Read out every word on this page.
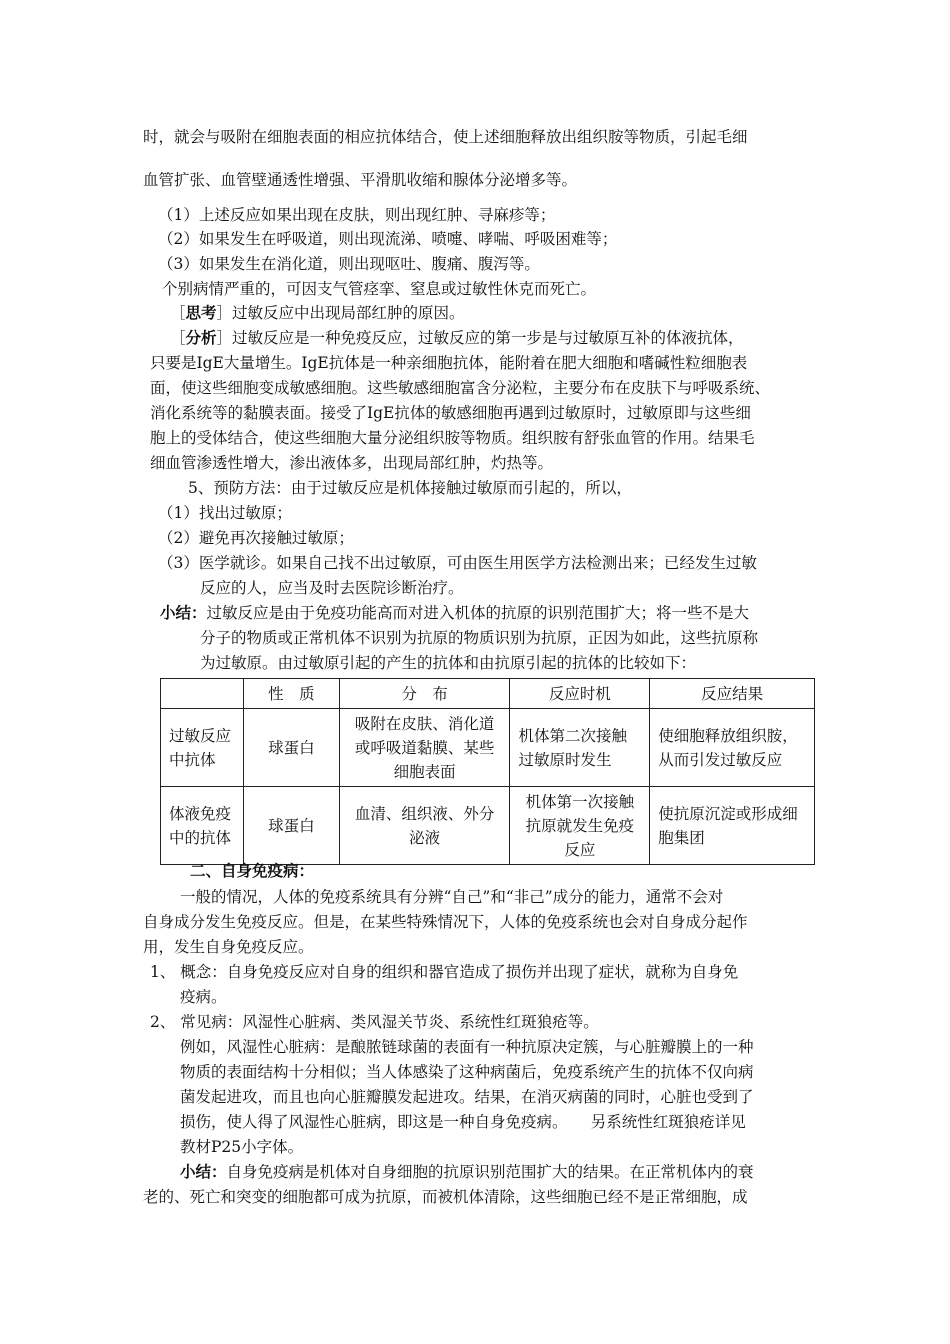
时，就会与吸附在细胞表面的相应抗体结合，使上述细胞释放出组织胺等物质，引起毛细
血管扩张、血管壁通透性增强、平滑肌收缩和腺体分泌增多等。
（1）上述反应如果出现在皮肤，则出现红肿、寻麻疹等；
（2）如果发生在呼吸道，则出现流涕、喷嚏、哮喘、呼吸困难等；
（3）如果发生在消化道，则出现呕吐、腹痛、腹泻等。
个别病情严重的，可因支气管痉挛、窒息或过敏性休克而死亡。
［思考］过敏反应中出现局部红肿的原因。
［分析］过敏反应是一种免疫反应，过敏反应的第一步是与过敏原互补的体液抗体，
只要是IgE大量增生。IgE抗体是一种亲细胞抗体，能附着在肥大细胞和嗜碱性粒细胞表
面，使这些细胞变成敏感细胞。这些敏感细胞富含分泌粒，主要分布在皮肤下与呼吸系统、
消化系统等的黏膜表面。接受了IgE抗体的敏感细胞再遇到过敏原时，过敏原即与这些细
胞上的受体结合，使这些细胞大量分泌组织胺等物质。组织胺有舒张血管的作用。结果毛
细血管渗透性增大，渗出液体多，出现局部红肿，灼热等。
5、预防方法：由于过敏反应是机体接触过敏原而引起的，所以，
（1）找出过敏原；
（2）避免再次接触过敏原；
（3）医学就诊。如果自己找不出过敏原，可由医生用医学方法检测出来；已经发生过敏
反应的人，应当及时去医院诊断治疗。
小结：过敏反应是由于免疫功能高而对进入机体的抗原的识别范围扩大；将一些不是大
分子的物质或正常机体不识别为抗原的物质识别为抗原，正因为如此，这些抗原称
为过敏原。由过敏原引起的产生的抗体和由抗原引起的抗体的比较如下：
	性　质	分　布	反应时机	反应结果
过敏反应中抗体	球蛋白	吸附在皮肤、消化道或呼吸道黏膜、某些细胞表面	机体第二次接触过敏原时发生	使细胞释放组织胺，从而引发过敏反应
体液免疫中的抗体	球蛋白	血清、组织液、外分泌液	机体第一次接触抗原就发生免疫反应	使抗原沉淀或形成细胞集团
二、自身免疫病：
一般的情况，人体的免疫系统具有分辨“自己”和“非己”成分的能力，通常不会对
自身成分发生免疫反应。但是，在某些特殊情况下，人体的免疫系统也会对自身成分起作
用，发生自身免疫反应。
1、 概念：自身免疫反应对自身的组织和器官造成了损伤并出现了症状，就称为自身免
疫病。
2、 常见病：风湿性心脏病、类风湿关节炎、系统性红斑狼疮等。
例如，风湿性心脏病：是酿脓链球菌的表面有一种抗原决定簇，与心脏瓣膜上的一种
物质的表面结构十分相似；当人体感染了这种病菌后，免疫系统产生的抗体不仅向病
菌发起进攻，而且也向心脏瓣膜发起进攻。结果，在消灭病菌的同时，心脏也受到了
损伤，使人得了风湿性心脏病，即这是一种自身免疫病。　　另系统性红斑狼疮详见
教材P25小字体。
小结：自身免疫病是机体对自身细胞的抗原识别范围扩大的结果。在正常机体内的衰
老的、死亡和突变的细胞都可成为抗原，而被机体清除，这些细胞已经不是正常细胞，成
